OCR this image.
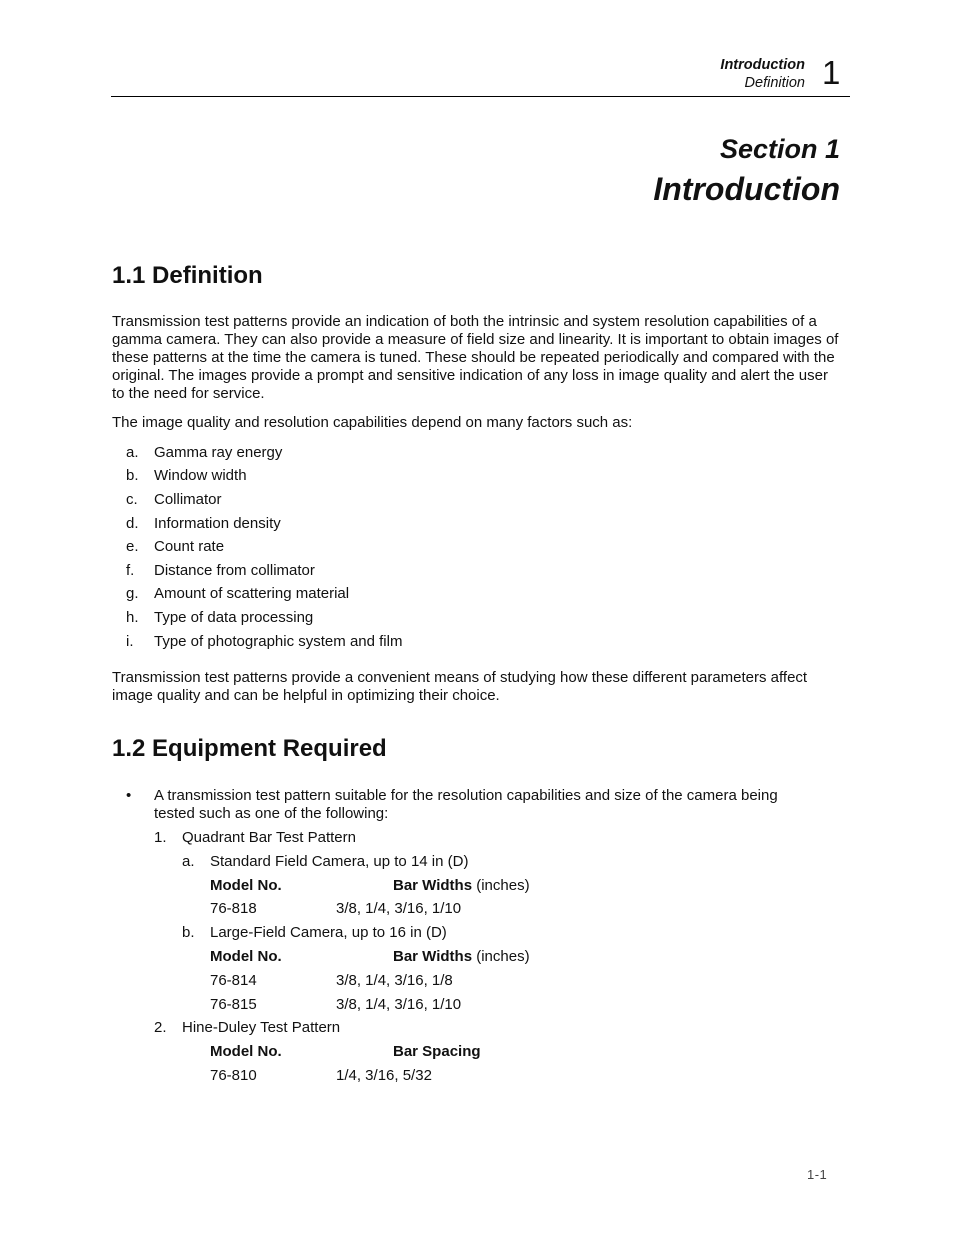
Introduction
Definition 1
Section 1
Introduction
1.1 Definition
Transmission test patterns provide an indication of both the intrinsic and system resolution capabilities of a gamma camera. They can also provide a measure of field size and linearity. It is important to obtain images of these patterns at the time the camera is tuned. These should be repeated periodically and compared with the original. The images provide a prompt and sensitive indication of any loss in image quality and alert the user to the need for service.
The image quality and resolution capabilities depend on many factors such as:
a. Gamma ray energy
b. Window width
c. Collimator
d. Information density
e. Count rate
f. Distance from collimator
g. Amount of scattering material
h. Type of data processing
i. Type of photographic system and film
Transmission test patterns provide a convenient means of studying how these different parameters affect image quality and can be helpful in optimizing their choice.
1.2 Equipment Required
• A transmission test pattern suitable for the resolution capabilities and size of the camera being tested such as one of the following:
1. Quadrant Bar Test Pattern
a. Standard Field Camera, up to 14 in (D)
Model No.	Bar Widths (inches)
76-818	3/8, 1/4, 3/16, 1/10
b. Large-Field Camera, up to 16 in (D)
Model No.	Bar Widths (inches)
76-814	3/8, 1/4, 3/16, 1/8
76-815	3/8, 1/4, 3/16, 1/10
2. Hine-Duley Test Pattern
Model No.	Bar Spacing
76-810	1/4, 3/16, 5/32
1-1
